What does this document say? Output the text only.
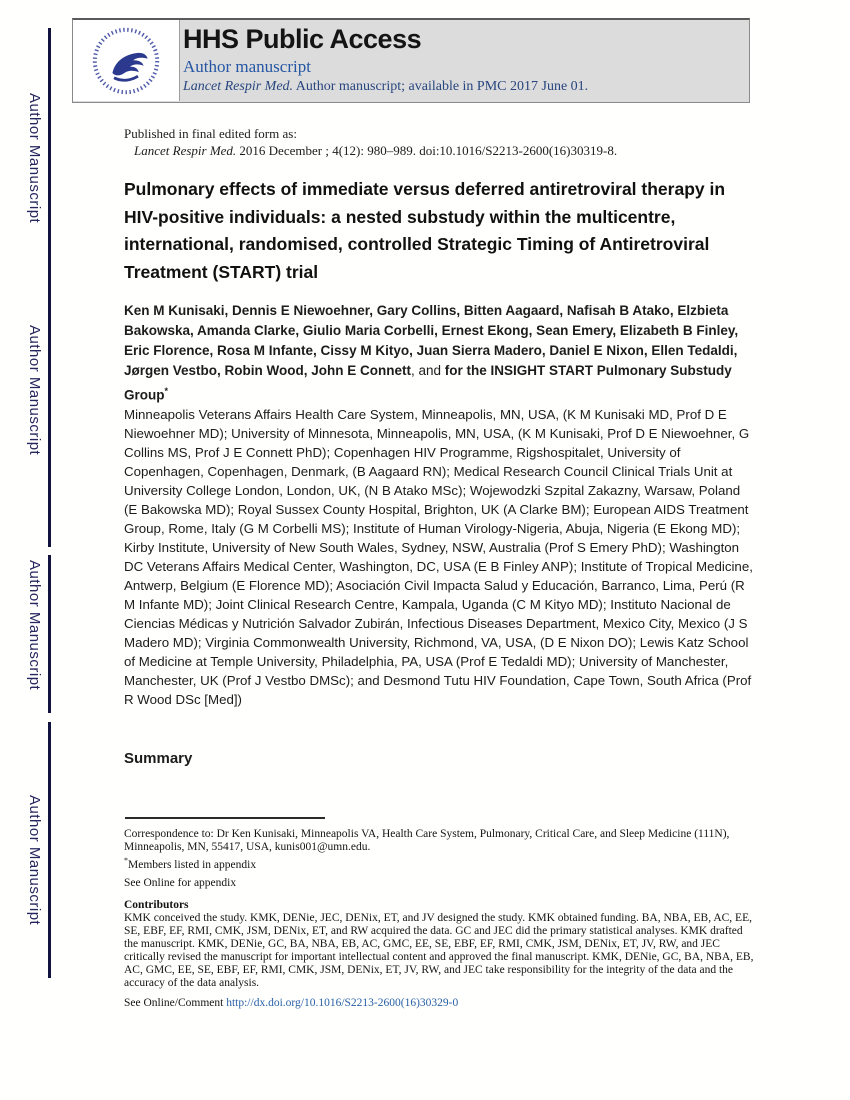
Author Manuscript
Author Manuscript
Author Manuscript
Author Manuscript
HHS Public Access
Author manuscript
Lancet Respir Med. Author manuscript; available in PMC 2017 June 01.
Published in final edited form as:
Lancet Respir Med. 2016 December ; 4(12): 980–989. doi:10.1016/S2213-2600(16)30319-8.
Pulmonary effects of immediate versus deferred antiretroviral therapy in HIV-positive individuals: a nested substudy within the multicentre, international, randomised, controlled Strategic Timing of Antiretroviral Treatment (START) trial

Ken M Kunisaki, Dennis E Niewoehner, Gary Collins, Bitten Aagaard, Nafisah B Atako, Elzbieta Bakowska, Amanda Clarke, Giulio Maria Corbelli, Ernest Ekong, Sean Emery, Elizabeth B Finley, Eric Florence, Rosa M Infante, Cissy M Kityo, Juan Sierra Madero, Daniel E Nixon, Ellen Tedaldi, Jørgen Vestbo, Robin Wood, John E Connett, and for the INSIGHT START Pulmonary Substudy Group*

Minneapolis Veterans Affairs Health Care System, Minneapolis, MN, USA, (K M Kunisaki MD, Prof D E Niewoehner MD); University of Minnesota, Minneapolis, MN, USA, (K M Kunisaki, Prof D E Niewoehner, G Collins MS, Prof J E Connett PhD); Copenhagen HIV Programme, Rigshospitalet, University of Copenhagen, Copenhagen, Denmark, (B Aagaard RN); Medical Research Council Clinical Trials Unit at University College London, London, UK, (N B Atako MSc); Wojewodzki Szpital Zakazny, Warsaw, Poland (E Bakowska MD); Royal Sussex County Hospital, Brighton, UK (A Clarke BM); European AIDS Treatment Group, Rome, Italy (G M Corbelli MS); Institute of Human Virology-Nigeria, Abuja, Nigeria (E Ekong MD); Kirby Institute, University of New South Wales, Sydney, NSW, Australia (Prof S Emery PhD); Washington DC Veterans Affairs Medical Center, Washington, DC, USA (E B Finley ANP); Institute of Tropical Medicine, Antwerp, Belgium (E Florence MD); Asociación Civil Impacta Salud y Educación, Barranco, Lima, Perú (R M Infante MD); Joint Clinical Research Centre, Kampala, Uganda (C M Kityo MD); Instituto Nacional de Ciencias Médicas y Nutrición Salvador Zubirán, Infectious Diseases Department, Mexico City, Mexico (J S Madero MD); Virginia Commonwealth University, Richmond, VA, USA, (D E Nixon DO); Lewis Katz School of Medicine at Temple University, Philadelphia, PA, USA (Prof E Tedaldi MD); University of Manchester, Manchester, UK (Prof J Vestbo DMSc); and Desmond Tutu HIV Foundation, Cape Town, South Africa (Prof R Wood DSc [Med])

Summary

Correspondence to: Dr Ken Kunisaki, Minneapolis VA, Health Care System, Pulmonary, Critical Care, and Sleep Medicine (111N), Minneapolis, MN, 55417, USA, kunis001@umn.edu.

*Members listed in appendix

See Online for appendix

Contributors

KMK conceived the study. KMK, DENie, JEC, DENix, ET, and JV designed the study. KMK obtained funding. BA, NBA, EB, AC, EE, SE, EBF, EF, RMI, CMK, JSM, DENix, ET, and RW acquired the data. GC and JEC did the primary statistical analyses. KMK drafted the manuscript. KMK, DENie, GC, BA, NBA, EB, AC, GMC, EE, SE, EBF, EF, RMI, CMK, JSM, DENix, ET, JV, RW, and JEC critically revised the manuscript for important intellectual content and approved the final manuscript. KMK, DENie, GC, BA, NBA, EB, AC, GMC, EE, SE, EBF, EF, RMI, CMK, JSM, DENix, ET, JV, RW, and JEC take responsibility for the integrity of the data and the accuracy of the data analysis.

See Online/Comment http://dx.doi.org/10.1016/S2213-2600(16)30329-0
